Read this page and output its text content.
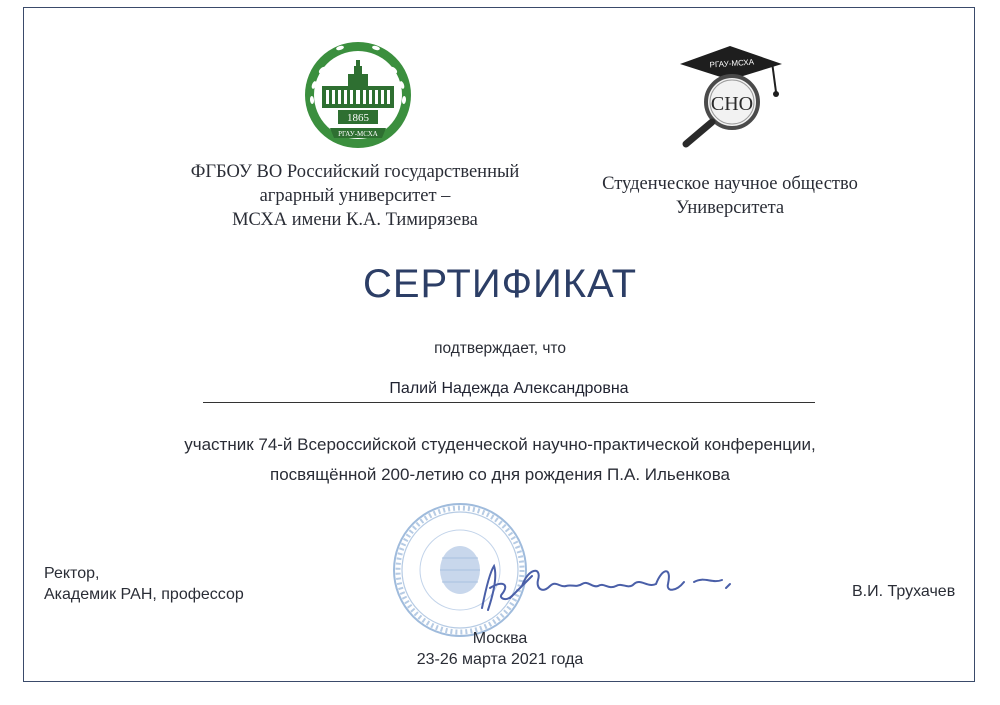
1865
РГАУ-МСХА
РГАУ-МСХА
СНО
ФГБОУ ВО Российский государственный
аграрный университет –
МСХА имени К.А. Тимирязева
Студенческое научное общество
Университета
СЕРТИФИКАТ
подтверждает, что
Палий Надежда Александровна
участник 74-й Всероссийской студенческой научно-практической конференции,
посвящённой 200-летию со дня рождения П.А. Ильенкова
Ректор,
Академик РАН, профессор	В.И. Трухачев
Москва
23-26 марта 2021 года
